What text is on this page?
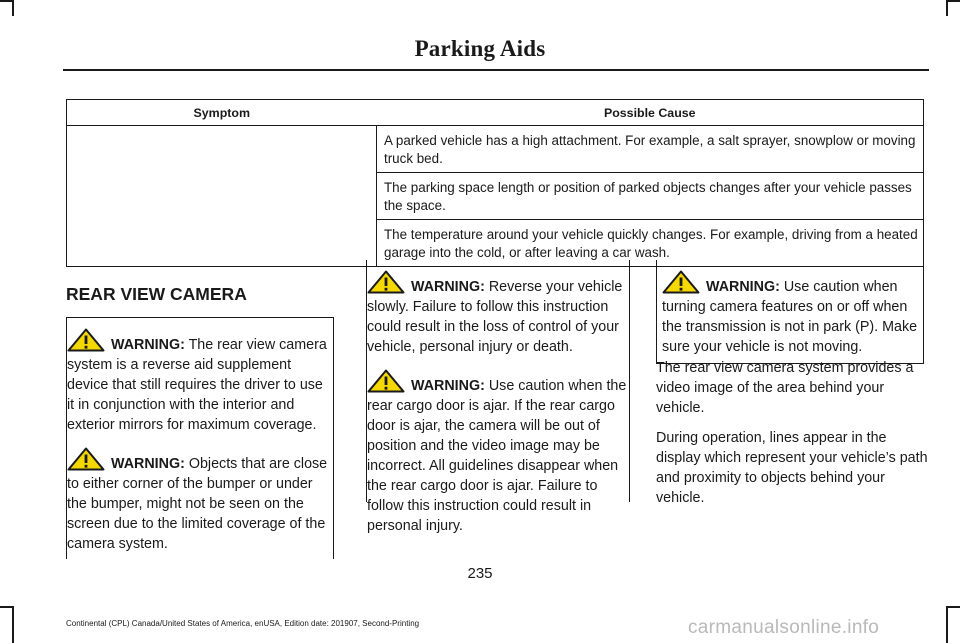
Parking Aids
Symptom	Possible Cause
	A parked vehicle has a high attachment. For example, a salt sprayer, snowplow or moving truck bed.
	The parking space length or position of parked objects changes after your vehicle passes the space.
	The temperature around your vehicle quickly changes. For example, driving from a heated garage into the cold, or after leaving a car wash.
REAR VIEW CAMERA

WARNING: The rear view camera system is a reverse aid supplement device that still requires the driver to use it in conjunction with the interior and exterior mirrors for maximum coverage.

WARNING: Objects that are close to either corner of the bumper or under the bumper, might not be seen on the screen due to the limited coverage of the camera system.

WARNING: Reverse your vehicle slowly. Failure to follow this instruction could result in the loss of control of your vehicle, personal injury or death.

WARNING: Use caution when the rear cargo door is ajar. If the rear cargo door is ajar, the camera will be out of position and the video image may be incorrect. All guidelines disappear when the rear cargo door is ajar. Failure to follow this instruction could result in personal injury.

WARNING: Use caution when turning camera features on or off when the transmission is not in park (P). Make sure your vehicle is not moving.

The rear view camera system provides a video image of the area behind your vehicle.

During operation, lines appear in the display which represent your vehicle’s path and proximity to objects behind your vehicle.

235
Continental (CPL) Canada/United States of America, enUSA, Edition date: 201907, Second-Printing	carmanualsonline.info
